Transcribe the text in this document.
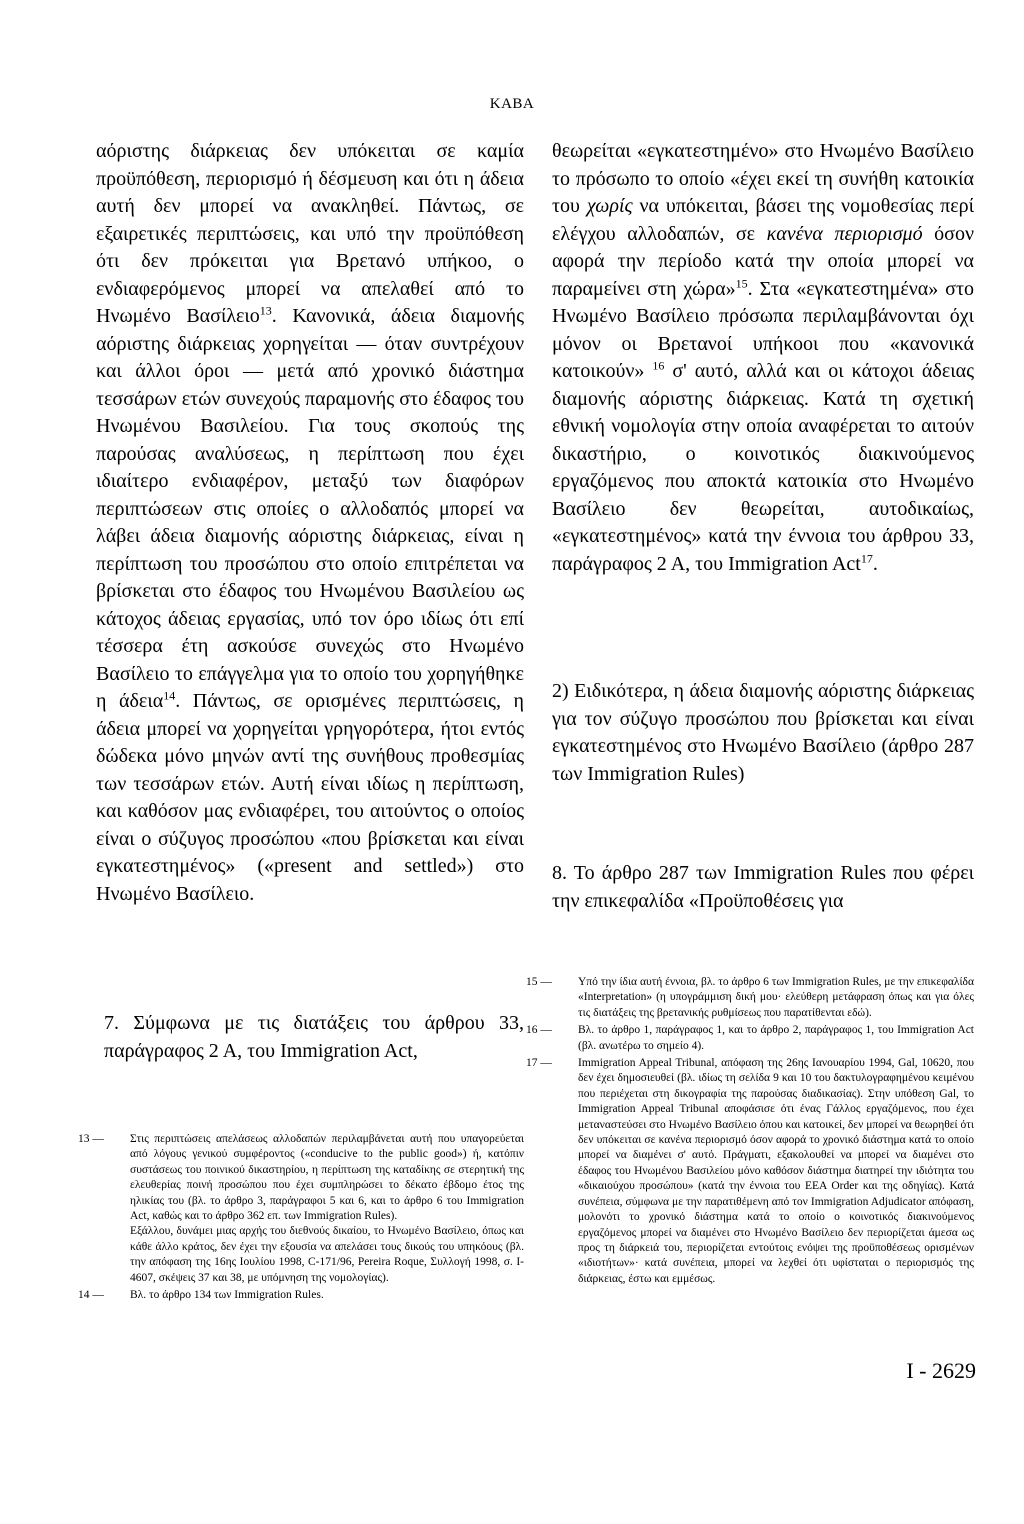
KABA

αόριστης διάρκειας δεν υπόκειται σε καμία προϋπόθεση, περιορισμό ή δέσμευση και ότι η άδεια αυτή δεν μπορεί να ανακληθεί. Πάντως, σε εξαιρετικές περιπτώσεις, και υπό την προϋπόθεση ότι δεν πρόκειται για Βρετανό υπήκοο, ο ενδιαφερόμενος μπορεί να απελαθεί από το Ηνωμένο Βασίλειο$^{13}$. Κανονικά, άδεια διαμονής αόριστης διάρκειας χορηγείται — όταν συντρέχουν και άλλοι όροι — μετά από χρονικό διάστημα τεσσάρων ετών συνεχούς παραμονής στο έδαφος του Ηνωμένου Βασιλείου. Για τους σκοπούς της παρούσας αναλύσεως, η περίπτωση που έχει ιδιαίτερο ενδιαφέρον, μεταξύ των διαφόρων περιπτώσεων στις οποίες ο αλλοδαπός μπορεί να λάβει άδεια διαμονής αόριστης διάρκειας, είναι η περίπτωση του προσώπου στο οποίο επιτρέπεται να βρίσκεται στο έδαφος του Ηνωμένου Βασιλείου ως κάτοχος άδειας εργασίας, υπό τον όρο ιδίως ότι επί τέσσερα έτη ασκούσε συνεχώς στο Ηνωμένο Βασίλειο το επάγγελμα για το οποίο του χορηγήθηκε η άδεια$^{14}$. Πάντως, σε ορισμένες περιπτώσεις, η άδεια μπορεί να χορηγείται γρηγορότερα, ήτοι εντός δώδεκα μόνο μηνών αντί της συνήθους προθεσμίας των τεσσάρων ετών. Αυτή είναι ιδίως η περίπτωση, και καθόσον μας ενδιαφέρει, του αιτούντος ο οποίος είναι ο σύζυγος προσώπου «που βρίσκεται και είναι εγκατεστημένος» («present and settled») στο Ηνωμένο Βασίλειο.

θεωρείται «εγκατεστημένο» στο Ηνωμένο Βασίλειο το πρόσωπο το οποίο «έχει εκεί τη συνήθη κατοικία του χωρίς να υπόκειται, βάσει της νομοθεσίας περί ελέγχου αλλοδαπών, σε κανένα περιορισμό όσον αφορά την περίοδο κατά την οποία μπορεί να παραμείνει στη χώρα»$^{15}$. Στα «εγκατεστημένα» στο Ηνωμένο Βασίλειο πρόσωπα περιλαμβάνονται όχι μόνον οι Βρετανοί υπήκοοι που «κανονικά κατοικούν» $^{16}$ σ' αυτό, αλλά και οι κάτοχοι άδειας διαμονής αόριστης διάρκειας. Κατά τη σχετική εθνική νομολογία στην οποία αναφέρεται το αιτούν δικαστήριο, ο κοινοτικός διακινούμενος εργαζόμενος που αποκτά κατοικία στο Ηνωμένο Βασίλειο δεν θεωρείται, αυτοδικαίως, «εγκατεστημένος» κατά την έννοια του άρθρου 33, παράγραφος 2 Α, του Immigration Act$^{17}$.

2) Ειδικότερα, η άδεια διαμονής αόριστης διάρκειας για τον σύζυγο προσώπου που βρίσκεται και είναι εγκατεστημένος στο Ηνωμένο Βασίλειο (άρθρο 287 των Immigration Rules)
8. Το άρθρο 287 των Immigration Rules που φέρει την επικεφαλίδα «Προϋποθέσεις για
7. Σύμφωνα με τις διατάξεις του άρθρου 33, παράγραφος 2 Α, του Immigration Act,
13 — Στις περιπτώσεις απελάσεως αλλοδαπών περιλαμβάνεται αυτή που υπαγορεύεται από λόγους γενικού συμφέροντος («conducive to the public good») ή, κατόπιν συστάσεως του ποινικού δικαστηρίου, η περίπτωση της καταδίκης σε στερητική της ελευθερίας ποινή προσώπου που έχει συμπληρώσει το δέκατο έβδομο έτος της ηλικίας του (βλ. το άρθρο 3, παράγραφοι 5 και 6, και το άρθρο 6 του Immigration Act, καθώς και το άρθρο 362 επ. των Immigration Rules).
Εξάλλου, δυνάμει μιας αρχής του διεθνούς δικαίου, το Ηνωμένο Βασίλειο, όπως και κάθε άλλο κράτος, δεν έχει την εξουσία να απελάσει τους δικούς του υπηκόους (βλ. την απόφαση της 16ης Ιουλίου 1998, C-171/96, Pereira Roque, Συλλογή 1998, σ. I-4607, σκέψεις 37 και 38, με υπόμνηση της νομολογίας).
14 — Βλ. το άρθρο 134 των Immigration Rules.
15 — Υπό την ίδια αυτή έννοια, βλ. το άρθρο 6 των Immigration Rules, με την επικεφαλίδα «Interpretation» (η υπογράμμιση δική μου· ελεύθερη μετάφραση όπως και για όλες τις διατάξεις της βρετανικής ρυθμίσεως που παρατίθενται εδώ).
16 — Βλ. το άρθρο 1, παράγραφος 1, και το άρθρο 2, παράγραφος 1, του Immigration Act (βλ. ανωτέρω το σημείο 4).
17 — Immigration Appeal Tribunal, απόφαση της 26ης Ιανουαρίου 1994, Gal, 10620, που δεν έχει δημοσιευθεί (βλ. ιδίως τη σελίδα 9 και 10 του δακτυλογραφημένου κειμένου που περιέχεται στη δικογραφία της παρούσας διαδικασίας). Στην υπόθεση Gal, το Immigration Appeal Tribunal αποφάσισε ότι ένας Γάλλος εργαζόμενος, που έχει μεταναστεύσει στο Ηνωμένο Βασίλειο όπου και κατοικεί, δεν μπορεί να θεωρηθεί ότι δεν υπόκειται σε κανένα περιορισμό όσον αφορά το χρονικό διάστημα κατά το οποίο μπορεί να διαμένει σ' αυτό. Πράγματι, εξακολουθεί να μπορεί να διαμένει στο έδαφος του Ηνωμένου Βασιλείου μόνο καθόσον διάστημα διατηρεί την ιδιότητα του «δικαιούχου προσώπου» (κατά την έννοια του EEA Order και της οδηγίας). Κατά συνέπεια, σύμφωνα με την παρατιθέμενη από τον Immigration Adjudicator απόφαση, μολονότι το χρονικό διάστημα κατά το οποίο ο κοινοτικός διακινούμενος εργαζόμενος μπορεί να διαμένει στο Ηνωμένο Βασίλειο δεν περιορίζεται άμεσα ως προς τη διάρκειά του, περιορίζεται εντούτοις ενόψει της προϋποθέσεως ορισμένων «ιδιοτήτων»· κατά συνέπεια, μπορεί να λεχθεί ότι υφίσταται ο περιορισμός της διάρκειας, έστω και εμμέσως.
I - 2629
